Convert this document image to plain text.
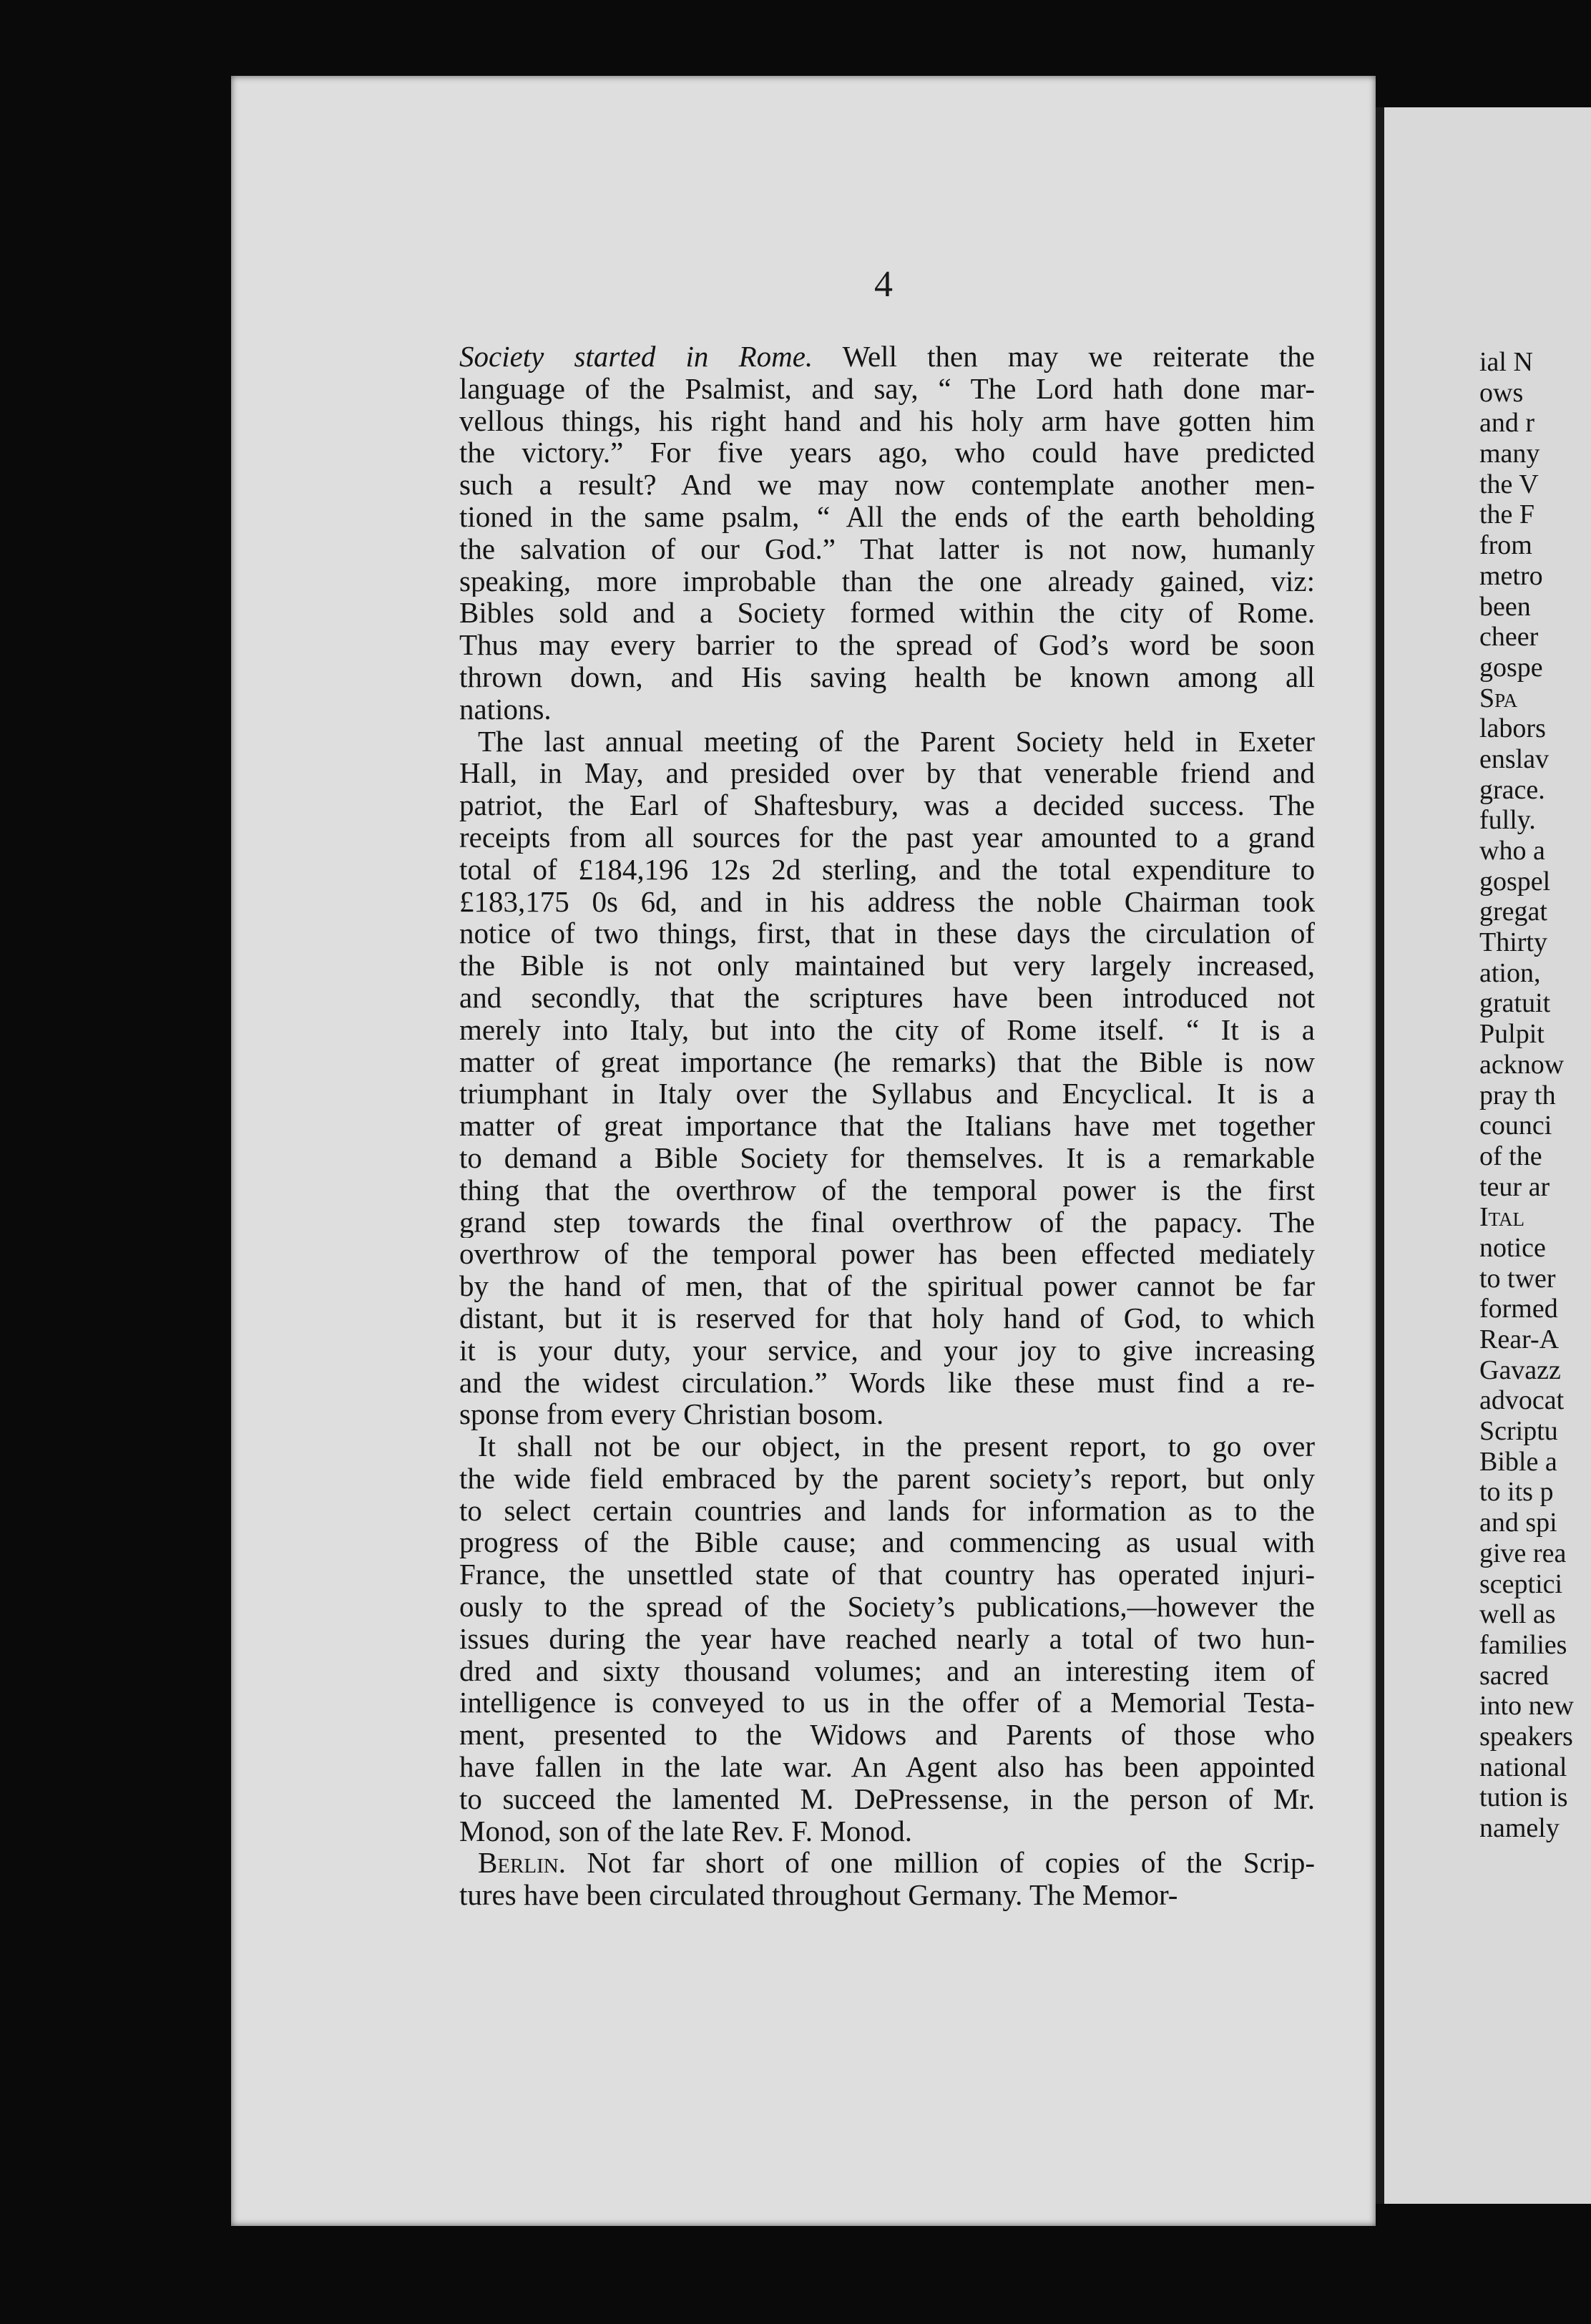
4
Society started in Rome. Well then may we reiterate the
language of the Psalmist, and say, “ The Lord hath done mar-
vellous things, his right hand and his holy arm have gotten him
the victory.” For five years ago, who could have predicted
such a result? And we may now contemplate another men-
tioned in the same psalm, “ All the ends of the earth beholding
the salvation of our God.” That latter is not now, humanly
speaking, more improbable than the one already gained, viz:
Bibles sold and a Society formed within the city of Rome.
Thus may every barrier to the spread of God’s word be soon
thrown down, and His saving health be known among all
nations.
The last annual meeting of the Parent Society held in Exeter
Hall, in May, and presided over by that venerable friend and
patriot, the Earl of Shaftesbury, was a decided success. The
receipts from all sources for the past year amounted to a grand
total of £184,196 12s 2d sterling, and the total expenditure to
£183,175 0s 6d, and in his address the noble Chairman took
notice of two things, first, that in these days the circulation of
the Bible is not only maintained but very largely increased,
and secondly, that the scriptures have been introduced not
merely into Italy, but into the city of Rome itself. “ It is a
matter of great importance (he remarks) that the Bible is now
triumphant in Italy over the Syllabus and Encyclical. It is a
matter of great importance that the Italians have met together
to demand a Bible Society for themselves. It is a remarkable
thing that the overthrow of the temporal power is the first
grand step towards the final overthrow of the papacy. The
overthrow of the temporal power has been effected mediately
by the hand of men, that of the spiritual power cannot be far
distant, but it is reserved for that holy hand of God, to which
it is your duty, your service, and your joy to give increasing
and the widest circulation.” Words like these must find a re-
sponse from every Christian bosom.
It shall not be our object, in the present report, to go over
the wide field embraced by the parent society’s report, but only
to select certain countries and lands for information as to the
progress of the Bible cause; and commencing as usual with
France, the unsettled state of that country has operated injuri-
ously to the spread of the Society’s publications,—however the
issues during the year have reached nearly a total of two hun-
dred and sixty thousand volumes; and an interesting item of
intelligence is conveyed to us in the offer of a Memorial Testa-
ment, presented to the Widows and Parents of those who
have fallen in the late war. An Agent also has been appointed
to succeed the lamented M. DePressense, in the person of Mr.
Monod, son of the late Rev. F. Monod.
Berlin. Not far short of one million of copies of the Scrip-
tures have been circulated throughout Germany. The Memor-
ial N
ows
and r
many
the V
the F
from
metro
been
cheer
gospe
Spa
labors
enslav
grace.
fully.
who a
gospel
gregat
Thirty
ation,
gratuit
Pulpit
acknow
pray th
counci
of the
teur ar
Ital
notice
to twer
formed
Rear-A
Gavazz
advocat
Scriptu
Bible a
to its p
and spi
give rea
sceptici
well as
families
sacred
into new
speakers
national
tution is
namely
